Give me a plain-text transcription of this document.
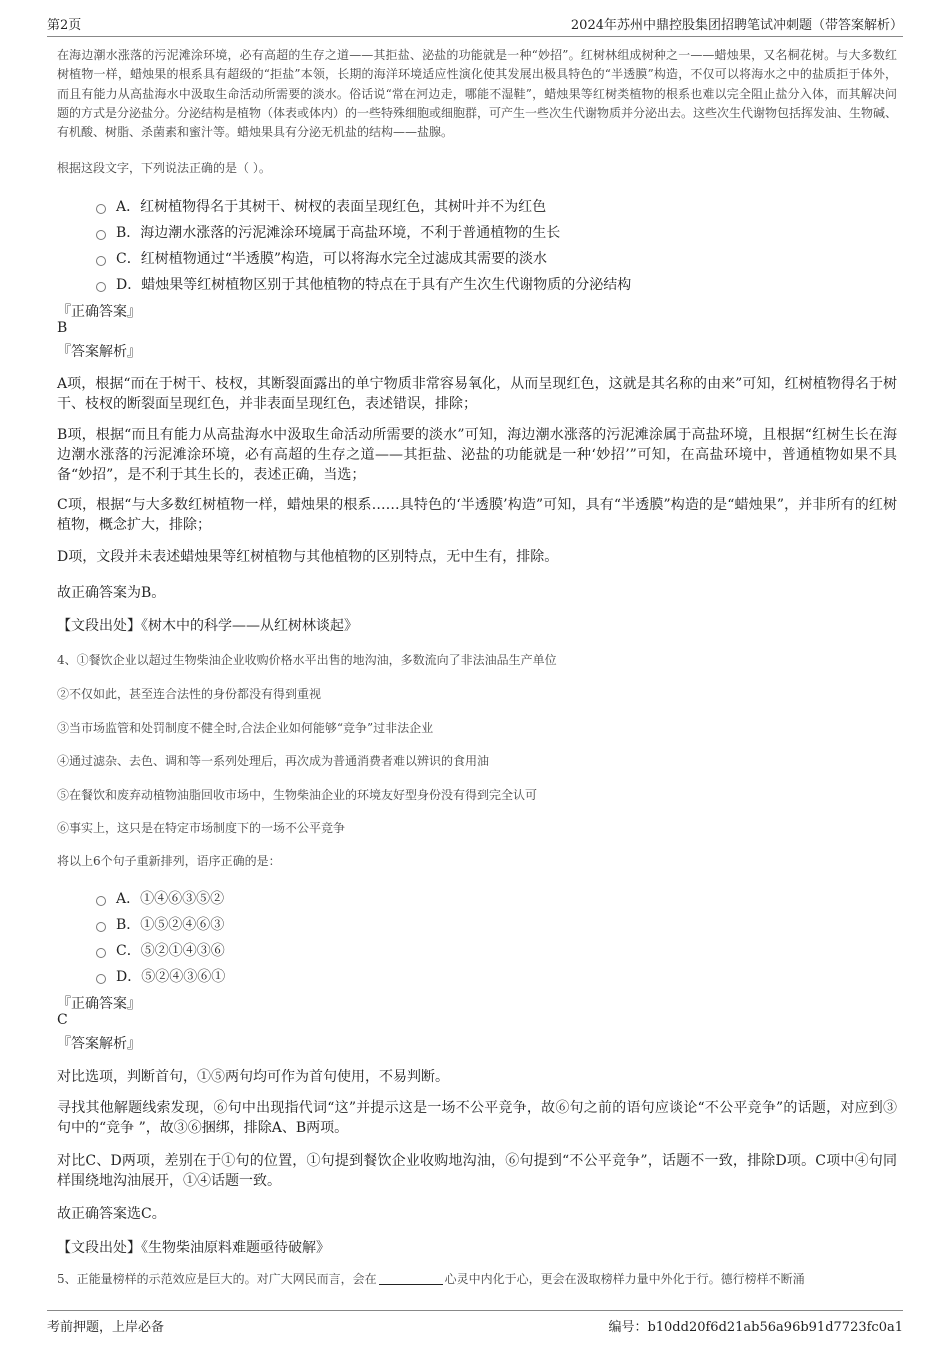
第2页	2024年苏州中鼎控股集团招聘笔试冲刺题（带答案解析）
在海边潮水涨落的污泥滩涂环境，必有高超的生存之道——其拒盐、泌盐的功能就是一种“妙招”。红树林组成树种之一——蜡烛果，又名桐花树。与大多数红树植物一样，蜡烛果的根系具有超级的“拒盐”本领，长期的海洋环境适应性演化使其发展出极具特色的“半透膜”构造，不仅可以将海水之中的盐质拒于体外，而且有能力从高盐海水中汲取生命活动所需要的淡水。俗话说“常在河边走，哪能不湿鞋”，蜡烛果等红树类植物的根系也难以完全阻止盐分入体，而其解决问题的方式是分泌盐分。分泌结构是植物（体表或体内）的一些特殊细胞或细胞群，可产生一些次生代谢物质并分泌出去。这些次生代谢物包括挥发油、生物碱、有机酸、树脂、杀菌素和蜜汁等。蜡烛果具有分泌无机盐的结构——盐腺。
根据这段文字，下列说法正确的是（ ）。
A．红树植物得名于其树干、树杈的表面呈现红色，其树叶并不为红色
B．海边潮水涨落的污泥滩涂环境属于高盐环境，不利于普通植物的生长
C．红树植物通过“半透膜”构造，可以将海水完全过滤成其需要的淡水
D．蜡烛果等红树植物区别于其他植物的特点在于具有产生次生代谢物质的分泌结构
『正确答案』
B
『答案解析』
A项，根据“而在于树干、枝杈，其断裂面露出的单宁物质非常容易氧化，从而呈现红色，这就是其名称的由来”可知，红树植物得名于树干、枝杈的断裂面呈现红色，并非表面呈现红色，表述错误，排除；
B项，根据“而且有能力从高盐海水中汲取生命活动所需要的淡水”可知，海边潮水涨落的污泥滩涂属于高盐环境，且根据“红树生长在海边潮水涨落的污泥滩涂环境，必有高超的生存之道——其拒盐、泌盐的功能就是一种‘妙招’”可知，在高盐环境中，普通植物如果不具备“妙招”，是不利于其生长的，表述正确，当选；
C项，根据“与大多数红树植物一样，蜡烛果的根系……具特色的‘半透膜’构造”可知，具有“半透膜”构造的是“蜡烛果”，并非所有的红树植物，概念扩大，排除；
D项，文段并未表述蜡烛果等红树植物与其他植物的区别特点，无中生有，排除。
故正确答案为B。
【文段出处】《树木中的科学——从红树林谈起》
4、①餐饮企业以超过生物柴油企业收购价格水平出售的地沟油，多数流向了非法油品生产单位
②不仅如此，甚至连合法性的身份都没有得到重视
③当市场监管和处罚制度不健全时,合法企业如何能够“竞争”过非法企业
④通过滤杂、去色、调和等一系列处理后，再次成为普通消费者难以辨识的食用油
⑤在餐饮和废弃动植物油脂回收市场中，生物柴油企业的环境友好型身份没有得到完全认可
⑥事实上，这只是在特定市场制度下的一场不公平竞争
将以上6个句子重新排列，语序正确的是：
A．①④⑥③⑤②
B．①⑤②④⑥③
C．⑤②①④③⑥
D．⑤②④③⑥①
『正确答案』
C
『答案解析』
对比选项，判断首句，①⑤两句均可作为首句使用，不易判断。
寻找其他解题线索发现，⑥句中出现指代词“这”并提示这是一场不公平竞争，故⑥句之前的语句应谈论“不公平竞争”的话题，对应到③句中的“竞争 ”，故③⑥捆绑，排除A、B两项。
对比C、D两项，差别在于①句的位置，①句提到餐饮企业收购地沟油，⑥句提到“不公平竞争”，话题不一致，排除D项。C项中④句同样围绕地沟油展开，①④话题一致。
故正确答案选C。
【文段出处】《生物柴油原料难题亟待破解》
5、正能量榜样的示范效应是巨大的。对广大网民而言，会在	心灵中内化于心，更会在汲取榜样力量中外化于行。德行榜样不断涌
考前押题，上岸必备	编号：b10dd20f6d21ab56a96b91d7723fc0a1
